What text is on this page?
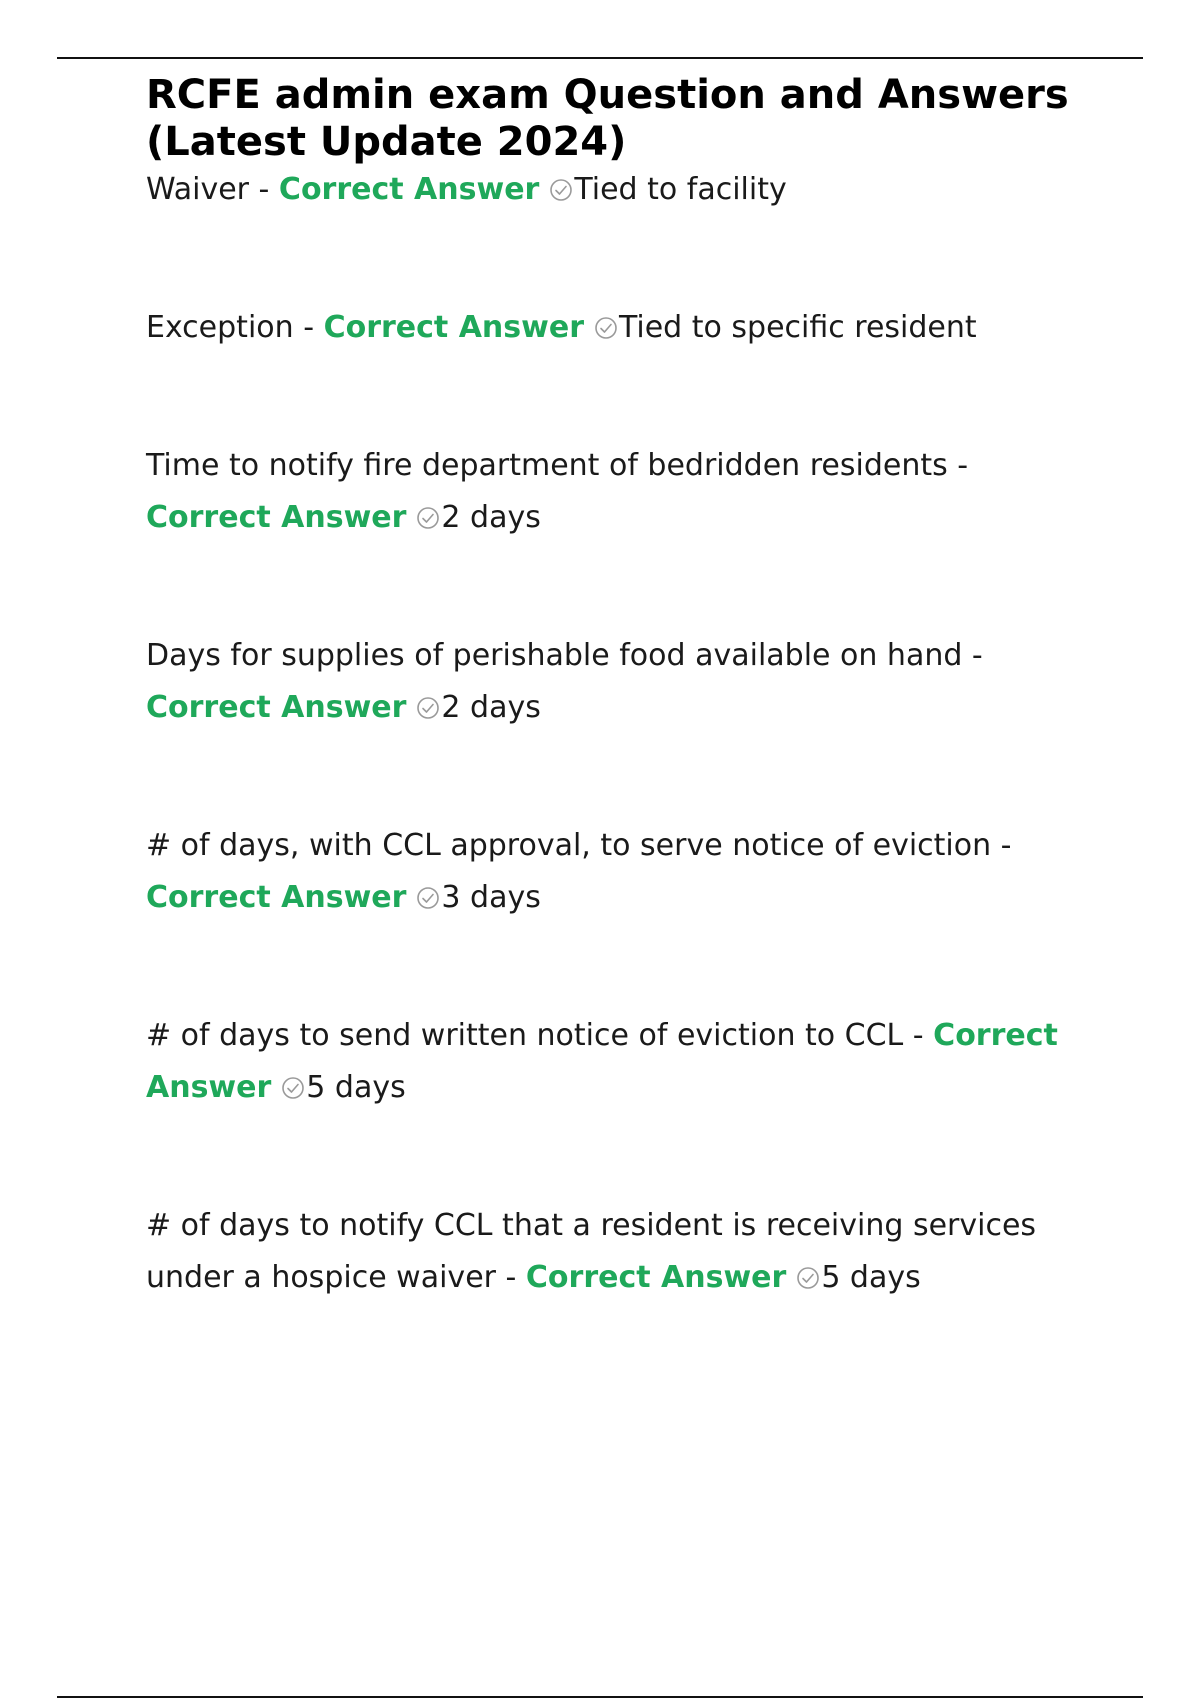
RCFE admin exam Question and Answers (Latest Update 2024)

Waiver - Correct Answer Tied to facility

Exception - Correct Answer Tied to specific resident

Time to notify fire department of bedridden residents -
Correct Answer 2 days

Days for supplies of perishable food available on hand -
Correct Answer 2 days

# of days, with CCL approval, to serve notice of eviction -
Correct Answer 3 days

# of days to send written notice of eviction to CCL - Correct Answer 5 days

# of days to notify CCL that a resident is receiving services under a hospice waiver - Correct Answer 5 days
